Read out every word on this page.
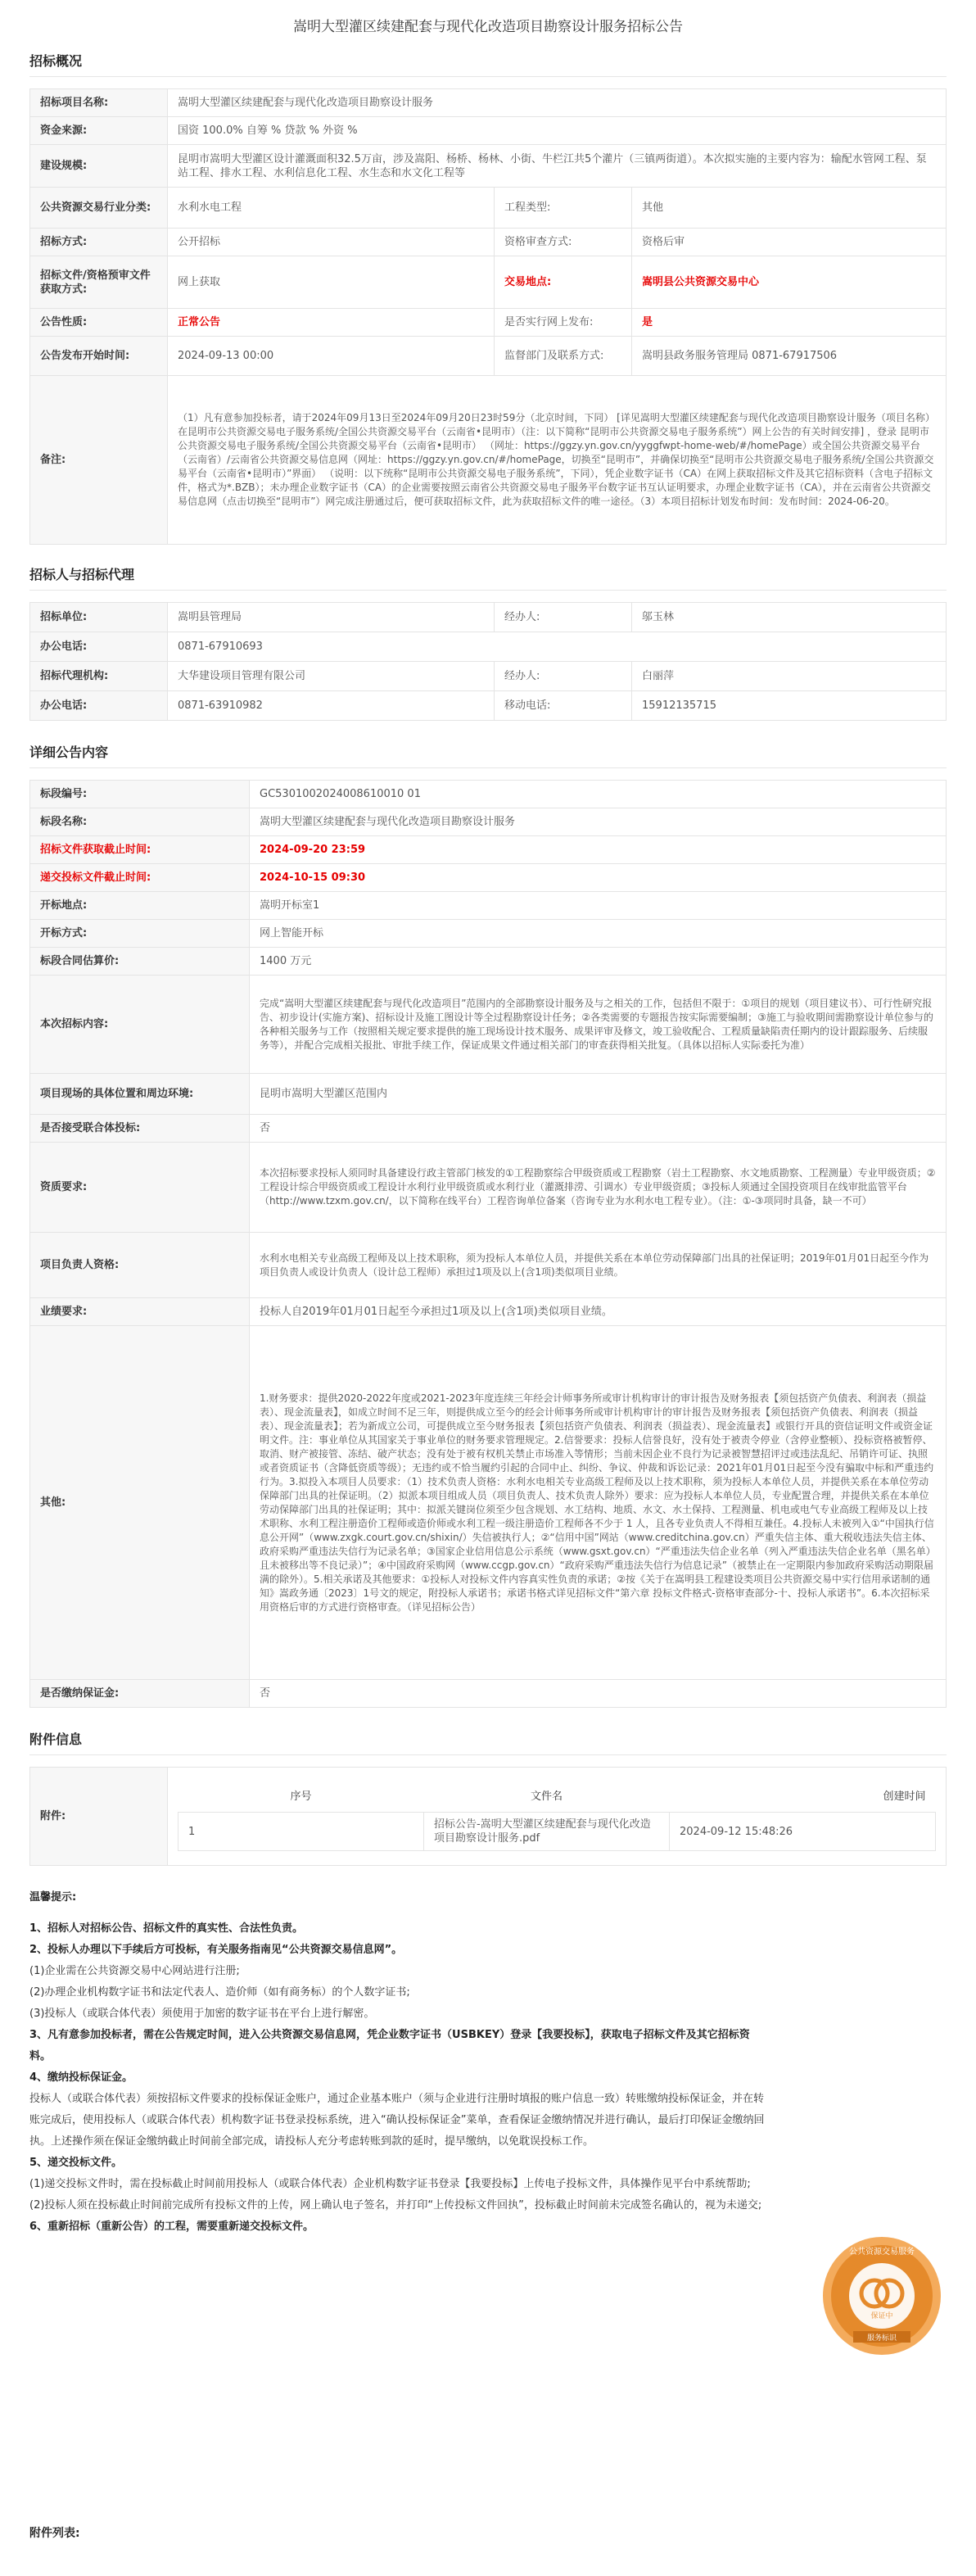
嵩明大型灌区续建配套与现代化改造项目勘察设计服务招标公告
招标概况
招标项目名称:	嵩明大型灌区续建配套与现代化改造项目勘察设计服务		
资金来源:	国资 100.0% 自筹 % 贷款 % 外资 %		
建设规模:	昆明市嵩明大型灌区设计灌溉面积32.5万亩，涉及嵩阳、杨桥、杨林、小街、牛栏江共5个灌片（三镇两街道）。本次拟实施的主要内容为：输配水管网工程、泵站工程、排水工程、水利信息化工程、水生态和水文化工程等		
公共资源交易行业分类:	水利水电工程	工程类型:	其他
招标方式:	公开招标	资格审查方式:	资格后审
招标文件/资格预审文件获取方式:	网上获取	交易地点:	嵩明县公共资源交易中心
公告性质:	正常公告	是否实行网上发布:	是
公告发布开始时间:	2024-09-13 00:00	监督部门及联系方式:	嵩明县政务服务管理局 0871-67917506
备注:	（1）凡有意参加投标者，请于2024年09月13日至2024年09月20日23时59分（北京时间，下同） [详见嵩明大型灌区续建配套与现代化改造项目勘察设计服务（项目名称）在昆明市公共资源交易电子服务系统/全国公共资源交易平台（云南省•昆明市）（注：以下简称“昆明市公共资源交易电子服务系统”）网上公告的有关时间安排] ，登录 昆明市公共资源交易电子服务系统/全国公共资源交易平台（云南省•昆明市） （网址：https://ggzy.yn.gov.cn/yyggfwpt-home-web/#/homePage）或全国公共资源交易平台（云南省）/云南省公共资源交易信息网（网址：https://ggzy.yn.gov.cn/#/homePage，切换至“昆明市”，并确保切换至“昆明市公共资源交易电子服务系统/全国公共资源交易平台（云南省•昆明市）”界面） （说明：以下统称“昆明市公共资源交易电子服务系统”，下同），凭企业数字证书（CA）在网上获取招标文件及其它招标资料（含电子招标文件，格式为*.BZB）；未办理企业数字证书（CA）的企业需要按照云南省公共资源交易电子服务平台数字证书互认证明要求，办理企业数字证书（CA），并在云南省公共资源交易信息网（点击切换至“昆明市”）网完成注册通过后，便可获取招标文件，此为获取招标文件的唯一途径。（3）本项目招标计划发布时间：发布时间：2024-06-20。		
招标人与招标代理
招标单位:	嵩明县管理局	经办人:	邬玉林
办公电话:	0871-67910693		
招标代理机构:	大华建设项目管理有限公司	经办人:	白丽萍
办公电话:	0871-63910982	移动电话:	15912135715
详细公告内容
标段编号:	GC5301002024008610010 01
标段名称:	嵩明大型灌区续建配套与现代化改造项目勘察设计服务
招标文件获取截止时间:	2024-09-20 23:59
递交投标文件截止时间:	2024-10-15 09:30
开标地点:	嵩明开标室1
开标方式:	网上智能开标
标段合同估算价:	1400 万元
本次招标内容:	完成“嵩明大型灌区续建配套与现代化改造项目”范围内的全部勘察设计服务及与之相关的工作，包括但不限于：①项目的规划（项目建议书）、可行性研究报告、初步设计(实施方案)、招标设计及施工图设计等全过程勘察设计任务；②各类需要的专题报告按实际需要编制；③施工与验收期间需勘察设计单位参与的各种相关服务与工作（按照相关规定要求提供的施工现场设计技术服务、成果评审及修文，竣工验收配合、工程质量缺陷责任期内的设计跟踪服务、后续服务等），并配合完成相关报批、审批手续工作，保证成果文件通过相关部门的审查获得相关批复。（具体以招标人实际委托为准）
项目现场的具体位置和周边环境:	昆明市嵩明大型灌区范围内
是否接受联合体投标:	否
资质要求:	本次招标要求投标人须同时具备建设行政主管部门核发的①工程勘察综合甲级资质或工程勘察（岩土工程勘察、水文地质勘察、工程测量）专业甲级资质；②工程设计综合甲级资质或工程设计水利行业甲级资质或水利行业（灌溉排涝、引调水）专业甲级资质；③投标人须通过全国投资项目在线审批监管平台（http://www.tzxm.gov.cn/，以下简称在线平台）工程咨询单位备案（咨询专业为水利水电工程专业）。（注：①-③项同时具备，缺一不可）
项目负责人资格:	水利水电相关专业高级工程师及以上技术职称，须为投标人本单位人员，并提供关系在本单位劳动保障部门出具的社保证明；2019年01月01日起至今作为项目负责人或设计负责人（设计总工程师）承担过1项及以上(含1项)类似项目业绩。
业绩要求:	投标人自2019年01月01日起至今承担过1项及以上(含1项)类似项目业绩。
其他:	1.财务要求：提供2020-2022年度或2021-2023年度连续三年经会计师事务所或审计机构审计的审计报告及财务报表【须包括资产负债表、利润表（损益表）、现金流量表】，如成立时间不足三年，则提供成立至今的经会计师事务所或审计机构审计的审计报告及财务报表【须包括资产负债表、利润表（损益表）、现金流量表】；若为新成立公司，可提供成立至今财务报表【须包括资产负债表、利润表（损益表）、现金流量表】或银行开具的资信证明文件或资金证明文件。注：事业单位从其国家关于事业单位的财务要求管理规定。2.信誉要求：投标人信誉良好，没有处于被责令停业（含停业整顿）、投标资格被暂停、取消、财产被接管、冻结、破产状态；没有处于被有权机关禁止市场准入等情形；当前未因企业不良行为记录被智慧招评过或违法乱纪、吊销许可证、执照或者资质证书（含降低资质等级）；无违约或不恰当履约引起的合同中止、纠纷、争议、仲裁和诉讼记录：2021年01月01日起至今没有骗取中标和严重违约行为。3.拟投入本项目人员要求：（1）技术负责人资格：水利水电相关专业高级工程师及以上技术职称，须为投标人本单位人员，并提供关系在本单位劳动保障部门出具的社保证明。（2）拟派本项目组成人员（项目负责人、技术负责人除外）要求：应为投标人本单位人员，专业配置合理，并提供关系在本单位劳动保障部门出具的社保证明；其中：拟派关键岗位须至少包含规划、水工结构、地质、水文、水土保持、工程测量、机电或电气专业高级工程师及以上技术职称、水利工程注册造价工程师或造价师或水利工程一级注册造价工程师各不少于 1 人，且各专业负责人不得相互兼任。4.投标人未被列入①“中国执行信息公开网”（www.zxgk.court.gov.cn/shixin/）失信被执行人；②“信用中国”网站（www.creditchina.gov.cn）严重失信主体、重大税收违法失信主体、政府采购严重违法失信行为记录名单；③国家企业信用信息公示系统（www.gsxt.gov.cn）“严重违法失信企业名单（列入严重违法失信企业名单（黑名单）且未被移出等不良记录）”；④中国政府采购网（www.ccgp.gov.cn）“政府采购严重违法失信行为信息记录”（被禁止在一定期限内参加政府采购活动期限届满的除外）。5.相关承诺及其他要求：①投标人对投标文件内容真实性负责的承诺；②按《关于在嵩明县工程建设类项目公共资源交易中实行信用承诺制的通知》嵩政务通〔2023〕1号文的规定，附投标人承诺书；承诺书格式详见招标文件“第六章 投标文件格式-资格审查部分-十、投标人承诺书”。6.本次招标采用资格后审的方式进行资格审查。（详见招标公告）
是否缴纳保证金:	否
附件信息
附件:	
序号	文件名	创建时间
1	招标公告-嵩明大型灌区续建配套与现代化改造项目勘察设计服务.pdf	2024-09-12 15:48:26
温馨提示:
1、招标人对招标公告、招标文件的真实性、合法性负责。
2、投标人办理以下手续后方可投标，有关服务指南见“公共资源交易信息网”。
(1)企业需在公共资源交易中心网站进行注册;
(2)办理企业机构数字证书和法定代表人、造价师（如有商务标）的个人数字证书;
(3)投标人（或联合体代表）须使用于加密的数字证书在平台上进行解密。
3、凡有意参加投标者，需在公告规定时间，进入公共资源交易信息网，凭企业数字证书（USBKEY）登录【我要投标】，获取电子招标文件及其它招标资料。
4、缴纳投标保证金。
投标人（或联合体代表）须按招标文件要求的投标保证金账户，通过企业基本账户（须与企业进行注册时填报的账户信息一致）转账缴纳投标保证金，并在转账完成后，使用投标人（或联合体代表）机构数字证书登录投标系统，进入“确认投标保证金”菜单，查看保证金缴纳情况并进行确认，最后打印保证金缴纳回执。上述操作须在保证金缴纳截止时间前全部完成，请投标人充分考虑转账到款的延时，提早缴纳，以免耽误投标工作。
5、递交投标文件。
(1)递交投标文件时，需在投标截止时间前用投标人（或联合体代表）企业机构数字证书登录【我要投标】上传电子投标文件，具体操作见平台中系统帮助;
(2)投标人须在投标截止时间前完成所有投标文件的上传，网上确认电子签名，并打印“上传投标文件回执”，投标截止时间前未完成签名确认的，视为未递交;
6、重新招标（重新公告）的工程，需要重新递交投标文件。
公共资源交易服务
保证中
服务标识
附件列表:
